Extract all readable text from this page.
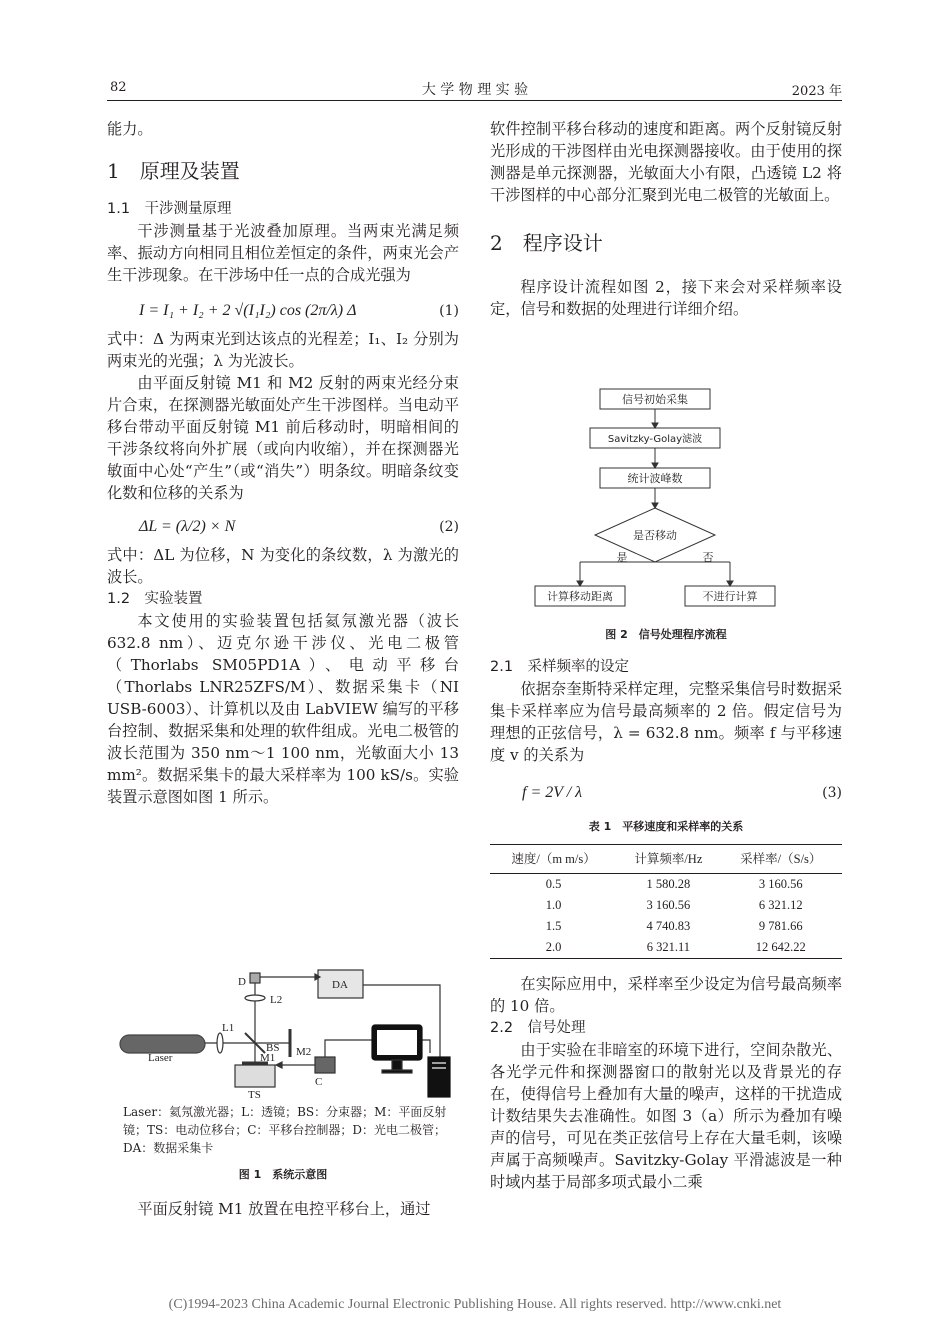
82	大 学 物 理 实 验	2023 年

能力。

1　原理及装置

1.1　干涉测量原理

干涉测量基于光波叠加原理。当两束光满足频率、振动方向相同且相位差恒定的条件，两束光会产生干涉现象。在干涉场中任一点的合成光强为

I = I₁ + I₂ + 2 √(I₁I₂) cos (2π/λ) Δ	(1)

式中：Δ 为两束光到达该点的光程差；I₁、I₂ 分别为两束光的光强；λ 为光波长。

由平面反射镜 M1 和 M2 反射的两束光经分束片合束，在探测器光敏面处产生干涉图样。当电动平移台带动平面反射镜 M1 前后移动时，明暗相间的干涉条纹将向外扩展（或向内收缩），并在探测器光敏面中心处“产生”（或“消失”）明条纹。明暗条纹变化数和位移的关系为

ΔL = (λ/2) × N	(2)

式中：ΔL 为位移，N 为变化的条纹数，λ 为激光的波长。

1.2　实验装置

本文使用的实验装置包括氦氖激光器（波长 632.8 nm）、迈克尔逊干涉仪、光电二极管（Thorlabs SM05PD1A）、电动平移台（Thorlabs LNR25ZFS/M）、数据采集卡（NI USB-6003）、计算机以及由 LabVIEW 编写的平移台控制、数据采集和处理的软件组成。光电二极管的波长范围为 350 nm～1 100 nm，光敏面大小 13 mm²。数据采集卡的最大采样率为 100 kS/s。实验装置示意图如图 1 所示。

D	DA
L2
L1
BS M2
M1
Laser
TS
C
Laser：氦氖激光器；L：透镜；BS：分束器；M：平面反射镜；TS：电动位移台；C：平移台控制器；D：光电二极管；DA：数据采集卡
图 1　系统示意图
平面反射镜 M1 放置在电控平移台上，通过

软件控制平移台移动的速度和距离。两个反射镜反射光形成的干涉图样由光电探测器接收。由于使用的探测器是单元探测器，光敏面大小有限，凸透镜 L2 将干涉图样的中心部分汇聚到光电二极管的光敏面上。

2　程序设计

程序设计流程如图 2，接下来会对采样频率设定，信号和数据的处理进行详细介绍。

信号初始采集
Savitzky-Golay滤波
统计波峰数
是否移动
是	否
计算移动距离	不进行计算
图 2　信号处理程序流程

2.1　采样频率的设定

依据奈奎斯特采样定理，完整采集信号时数据采集卡采样率应为信号最高频率的 2 倍。假定信号为理想的正弦信号，λ = 632.8 nm。频率 f 与平移速度 v 的关系为

f = 2V / λ	(3)
表 1　平移速度和采样率的关系
速度/（m m/s）	计算频率/Hz	采样率/（S/s）
0.5	1 580.28	3 160.56
1.0	3 160.56	6 321.12
1.5	4 740.83	9 781.66
2.0	6 321.11	12 642.22

在实际应用中，采样率至少设定为信号最高频率的 10 倍。

2.2　信号处理

由于实验在非暗室的环境下进行，空间杂散光、各光学元件和探测器窗口的散射光以及背景光的存在，使得信号上叠加有大量的噪声，这样的干扰造成计数结果失去准确性。如图 3（a）所示为叠加有噪声的信号，可见在类正弦信号上存在大量毛刺，该噪声属于高频噪声。Savitzky-Golay 平滑滤波是一种时域内基于局部多项式最小二乘

(C)1994-2023 China Academic Journal Electronic Publishing House. All rights reserved. http://www.cnki.net
